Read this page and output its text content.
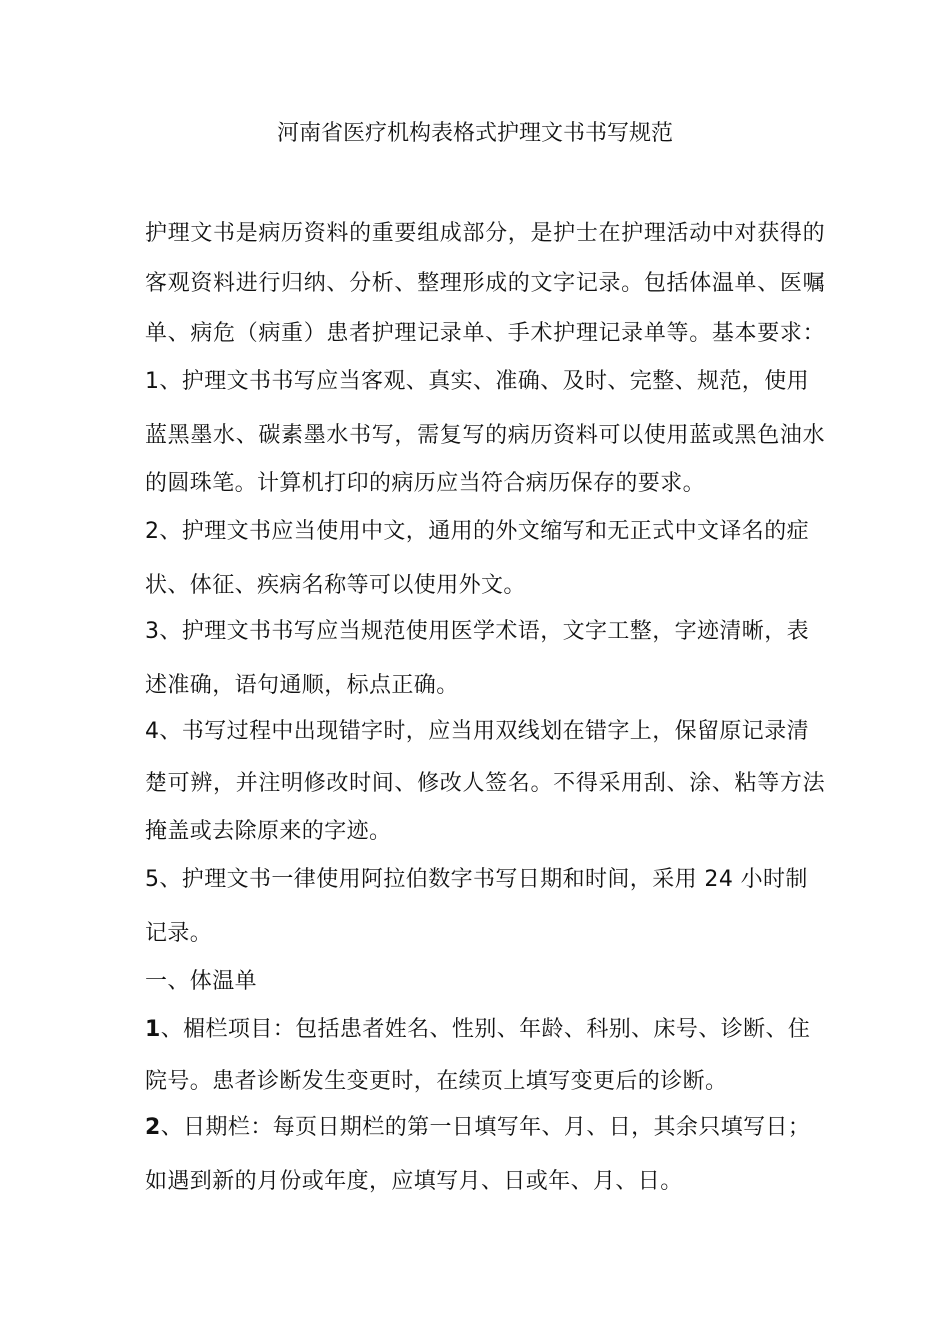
河南省医疗机构表格式护理文书书写规范
护理文书是病历资料的重要组成部分，是护士在护理活动中对获得的
客观资料进行归纳、分析、整理形成的文字记录。包括体温单、医嘱
单、病危（病重）患者护理记录单、手术护理记录单等。基本要求：
1、护理文书书写应当客观、真实、准确、及时、完整、规范，使用
蓝黑墨水、碳素墨水书写，需复写的病历资料可以使用蓝或黑色油水
的圆珠笔。计算机打印的病历应当符合病历保存的要求。
2、护理文书应当使用中文，通用的外文缩写和无正式中文译名的症
状、体征、疾病名称等可以使用外文。
3、护理文书书写应当规范使用医学术语，文字工整，字迹清晰，表
述准确，语句通顺，标点正确。
4、书写过程中出现错字时，应当用双线划在错字上，保留原记录清
楚可辨，并注明修改时间、修改人签名。不得采用刮、涂、粘等方法
掩盖或去除原来的字迹。
5、护理文书一律使用阿拉伯数字书写日期和时间，采用 24 小时制
记录。
一、体温单
1、楣栏项目：包括患者姓名、性别、年龄、科别、床号、诊断、住
院号。患者诊断发生变更时，在续页上填写变更后的诊断。
2、日期栏：每页日期栏的第一日填写年、月、日，其余只填写日；
如遇到新的月份或年度，应填写月、日或年、月、日。
